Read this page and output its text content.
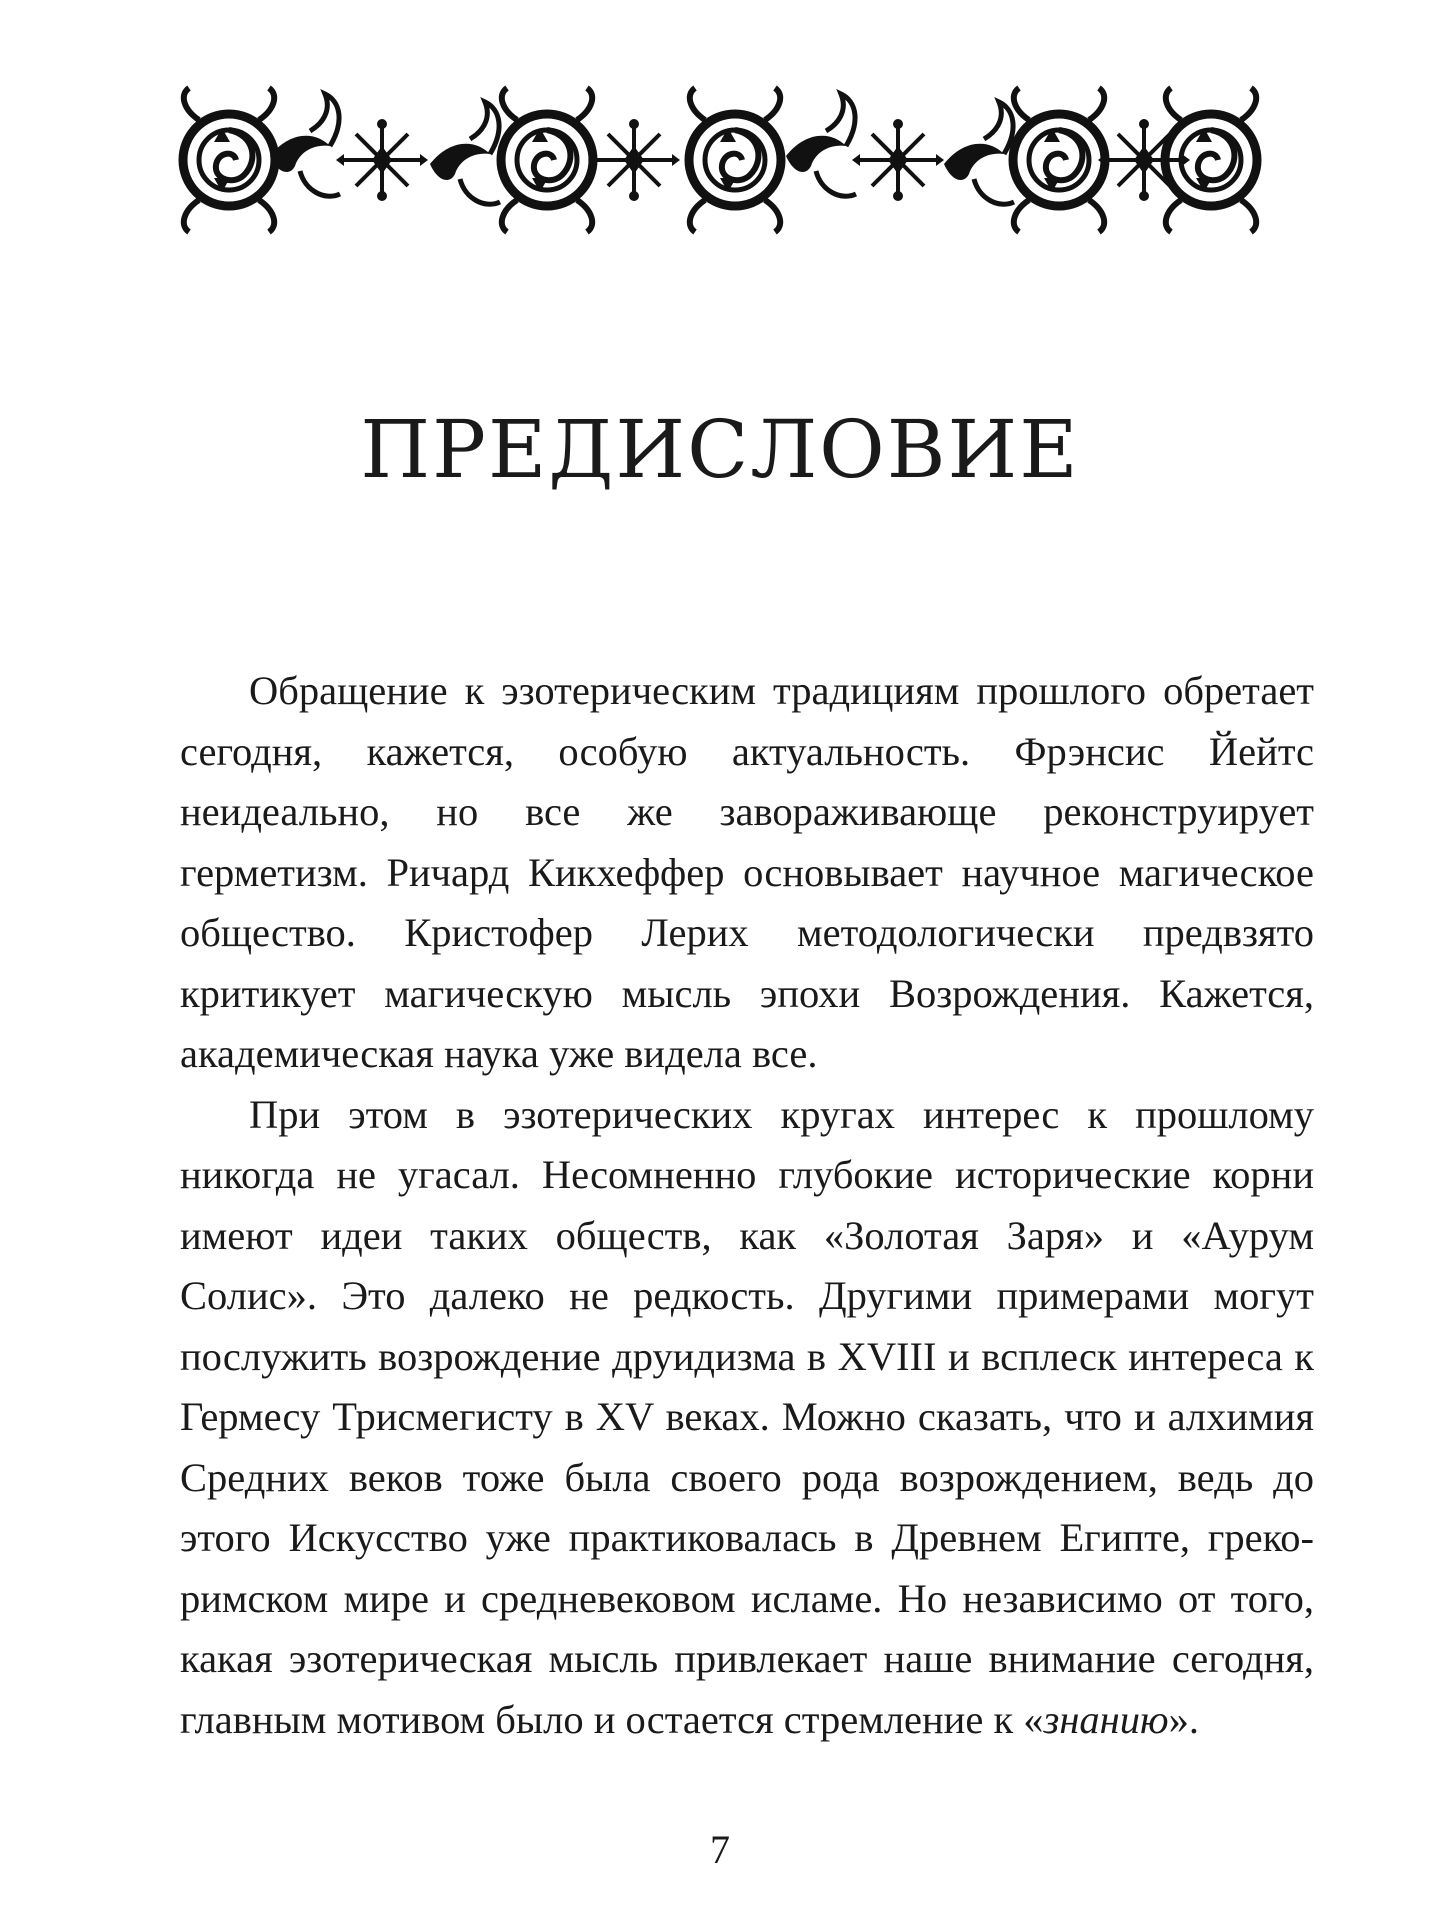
ПРЕДИСЛОВИЕ

Обращение к эзотерическим традициям прошлого обретает сегодня, кажется, особую актуальность. Фрэнсис Йейтс неидеально, но все же завораживающе реконструирует герметизм. Ричард Кикхеффер основывает научное магическое общество. Кристофер Лерих методологически предвзято критикует магическую мысль эпохи Возрождения. Кажется, академическая наука уже видела все.

При этом в эзотерических кругах интерес к прошлому никогда не угасал. Несомненно глубокие исторические корни имеют идеи таких обществ, как «Золотая Заря» и «Аурум Солис». Это далеко не редкость. Другими примерами могут послужить возрождение друидизма в XVIII и всплеск интереса к Гермесу Трисмегисту в XV веках. Можно сказать, что и алхимия Средних веков тоже была своего рода возрождением, ведь до этого Искусство уже практиковалась в Древнем Египте, греко-римском мире и средневековом исламе. Но независимо от того, какая эзотерическая мысль привлекает наше внимание сегодня, главным мотивом было и остается стремление к «знанию».

7
